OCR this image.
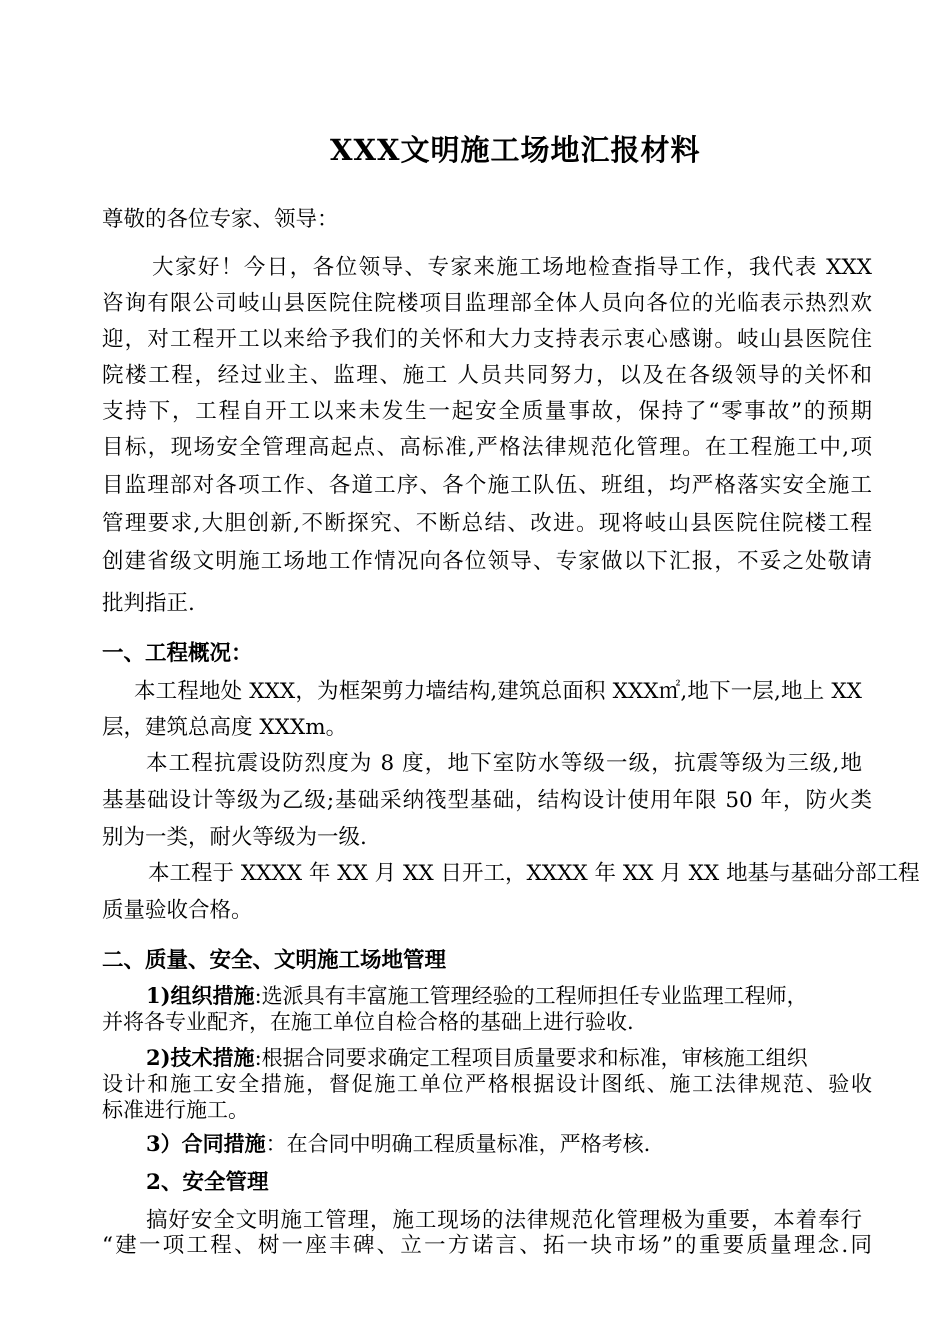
XXX文明施工场地汇报材料
尊敬的各位专家、领导：
大家好！今日，各位领导、专家来施工场地检查指导工作，我代表 XXX
咨询有限公司岐山县医院住院楼项目监理部全体人员向各位的光临表示热烈欢
迎，对工程开工以来给予我们的关怀和大力支持表示衷心感谢。岐山县医院住
院楼工程，经过业主、监理、施工 人员共同努力，以及在各级领导的关怀和
支持下，工程自开工以来未发生一起安全质量事故，保持了“零事故”的预期
目标，现场安全管理高起点、高标准,严格法律规范化管理。在工程施工中,项
目监理部对各项工作、各道工序、各个施工队伍、班组，均严格落实安全施工
管理要求,大胆创新,不断探究、不断总结、改进。现将岐山县医院住院楼工程
创建省级文明施工场地工作情况向各位领导、专家做以下汇报，不妥之处敬请
批判指正.
一、工程概况：
本工程地处 XXX，为框架剪力墙结构,建筑总面积 XXX㎡,地下一层,地上 XX
层，建筑总高度 XXXm。
本工程抗震设防烈度为 8 度，地下室防水等级一级，抗震等级为三级,地
基基础设计等级为乙级;基础采纳筏型基础，结构设计使用年限 50 年，防火类
别为一类，耐火等级为一级.
本工程于 XXXX 年 XX 月 XX 日开工，XXXX 年 XX 月 XX 地基与基础分部工程
质量验收合格。
二、质量、安全、文明施工场地管理
1)组织措施:选派具有丰富施工管理经验的工程师担任专业监理工程师，
并将各专业配齐，在施工单位自检合格的基础上进行验收.
2)技术措施:根据合同要求确定工程项目质量要求和标准，审核施工组织
设计和施工安全措施，督促施工单位严格根据设计图纸、施工法律规范、验收
标准进行施工。
3）合同措施：在合同中明确工程质量标准，严格考核.
2、安全管理
搞好安全文明施工管理，施工现场的法律规范化管理极为重要，本着奉行
“建一项工程、树一座丰碑、立一方诺言、拓一块市场”的重要质量理念.同
